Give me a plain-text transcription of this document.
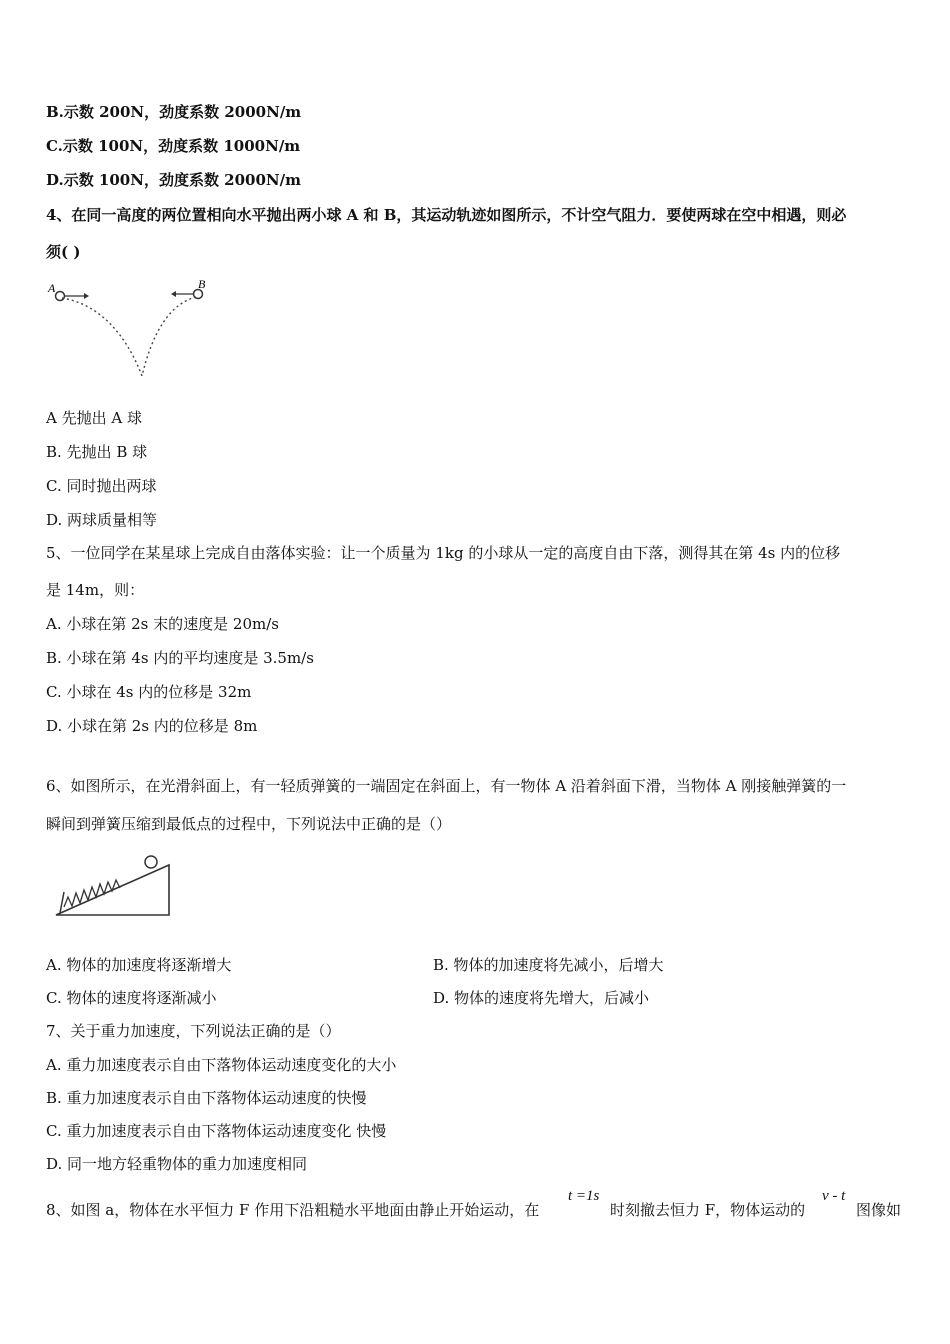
B.示数 200N，劲度系数 2000N/m
C.示数 100N，劲度系数 1000N/m
D.示数 100N，劲度系数 2000N/m
4、在同一高度的两位置相向水平抛出两小球 A 和 B，其运动轨迹如图所示，不计空气阻力．要使两球在空中相遇，则必
须( )
A	B
A 先抛出 A 球
B. 先抛出 B 球
C. 同时抛出两球
D. 两球质量相等
5、一位同学在某星球上完成自由落体实验：让一个质量为 1kg 的小球从一定的高度自由下落，测得其在第 4s 内的位移
是 14m，则：
A. 小球在第 2s 末的速度是 20m/s
B. 小球在第 4s 内的平均速度是 3.5m/s
C. 小球在 4s 内的位移是 32m
D. 小球在第 2s 内的位移是 8m
6、如图所示，在光滑斜面上，有一轻质弹簧的一端固定在斜面上，有一物体 A 沿着斜面下滑，当物体 A 刚接触弹簧的一
瞬间到弹簧压缩到最低点的过程中，下列说法中正确的是（）
A. 物体的加速度将逐渐增大	B. 物体的加速度将先减小，后增大
C. 物体的速度将逐渐减小	D. 物体的速度将先增大，后减小
7、关于重力加速度，下列说法正确的是（）
A. 重力加速度表示自由下落物体运动速度变化的大小
B. 重力加速度表示自由下落物体运动速度的快慢
C. 重力加速度表示自由下落物体运动速度变化 快慢
D. 同一地方轻重物体的重力加速度相同
8、如图 a，物体在水平恒力 F 作用下沿粗糙水平地面由静止开始运动，在
t =1s
时刻撤去恒力 F，物体运动的
v - t
图像如
